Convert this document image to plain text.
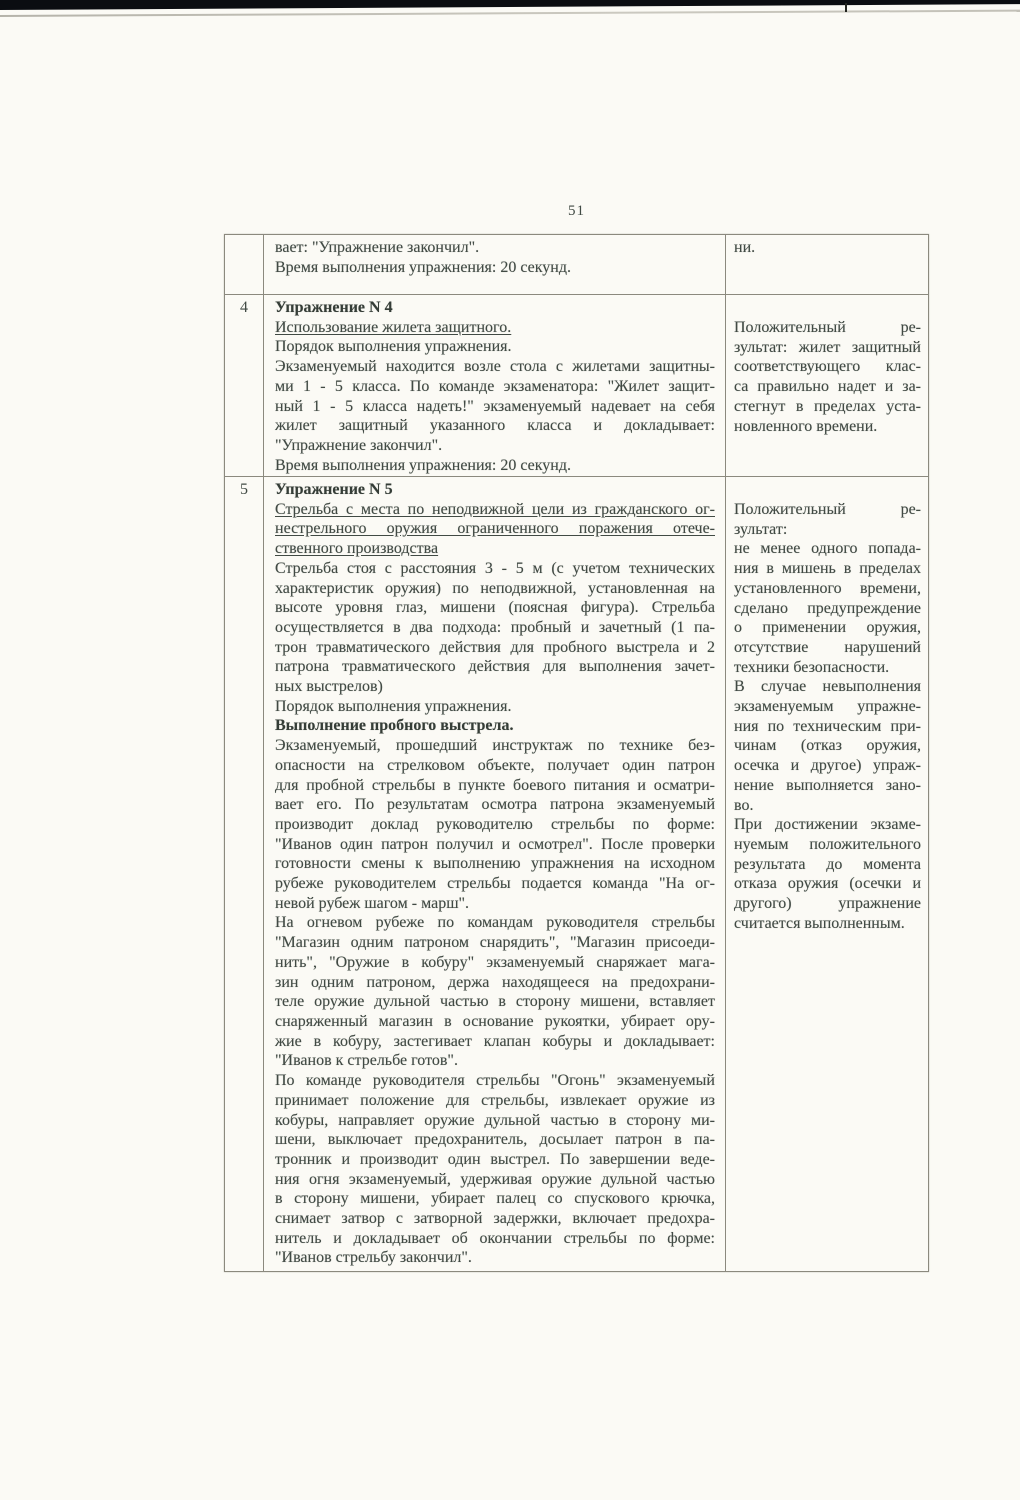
51
вает: "Упражнение закончил".
Время выполнения упражнения: 20 секунд.
ни.
4	Упражнение N 4
Использование жилета защитного.
Порядок выполнения упражнения.
Экзаменуемый находится возле стола с жилетами защитны-
ми 1 - 5 класса. По команде экзаменатора: "Жилет защит-
ный 1 - 5 класса надеть!" экзаменуемый надевает на себя
жилет защитный указанного класса и докладывает:
"Упражнение закончил".
Время выполнения упражнения: 20 секунд.
Положительный ре-
зультат: жилет защитный
соответствующего клас-
са правильно надет и за-
стегнут в пределах уста-
новленного времени.
5	Упражнение N 5
Стрельба с места по неподвижной цели из гражданского ог-
нестрельного оружия ограниченного поражения отече-
ственного производства
Стрельба стоя с расстояния 3 - 5 м (с учетом технических
характеристик оружия) по неподвижной, установленная на
высоте уровня глаз, мишени (поясная фигура). Стрельба
осуществляется в два подхода: пробный и зачетный (1 па-
трон травматического действия для пробного выстрела и 2
патрона травматического действия для выполнения зачет-
ных выстрелов)
Порядок выполнения упражнения.
Выполнение пробного выстрела.
Экзаменуемый, прошедший инструктаж по технике без-
опасности на стрелковом объекте, получает один патрон
для пробной стрельбы в пункте боевого питания и осматри-
вает его. По результатам осмотра патрона экзаменуемый
производит доклад руководителю стрельбы по форме:
"Иванов один патрон получил и осмотрел". После проверки
готовности смены к выполнению упражнения на исходном
рубеже руководителем стрельбы подается команда "На ог-
невой рубеж шагом - марш".
На огневом рубеже по командам руководителя стрельбы
"Магазин одним патроном снарядить", "Магазин присоеди-
нить", "Оружие в кобуру" экзаменуемый снаряжает мага-
зин одним патроном, держа находящееся на предохрани-
теле оружие дульной частью в сторону мишени, вставляет
снаряженный магазин в основание рукоятки, убирает ору-
жие в кобуру, застегивает клапан кобуры и докладывает:
"Иванов к стрельбе готов".
По команде руководителя стрельбы "Огонь" экзаменуемый
принимает положение для стрельбы, извлекает оружие из
кобуры, направляет оружие дульной частью в сторону ми-
шени, выключает предохранитель, досылает патрон в па-
тронник и производит один выстрел. По завершении веде-
ния огня экзаменуемый, удерживая оружие дульной частью
в сторону мишени, убирает палец со спускового крючка,
снимает затвор с затворной задержки, включает предохра-
нитель и докладывает об окончании стрельбы по форме:
"Иванов стрельбу закончил".
Положительный ре-
зультат:
не менее одного попада-
ния в мишень в пределах
установленного времени,
сделано предупреждение
о применении оружия,
отсутствие нарушений
техники безопасности.
В случае невыполнения
экзаменуемым упражне-
ния по техническим при-
чинам (отказ оружия,
осечка и другое) упраж-
нение выполняется зано-
во.
При достижении экзаме-
нуемым положительного
результата до момента
отказа оружия (осечки и
другого) упражнение
считается выполненным.
